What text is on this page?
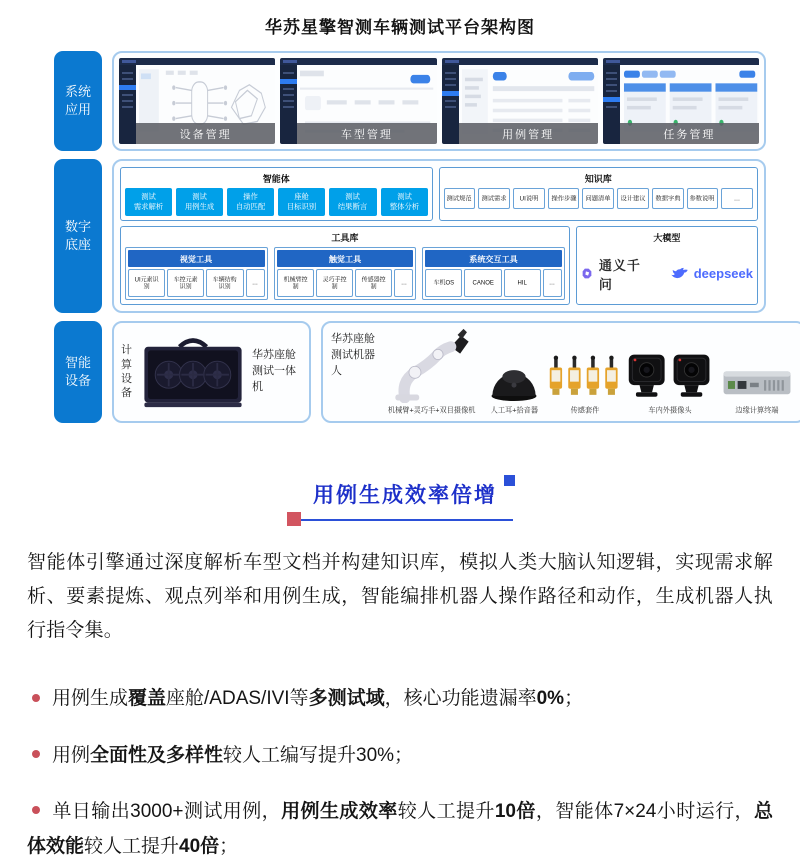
华苏星擎智测车辆测试平台架构图
系统应用
设备管理	车型管理	用例管理	任务管理
数字底座
智能体
测试
需求解析
测试
用例生成
操作
自动匹配
座舱
目标识别
测试
结果断言
测试
整体分析
知识库
测试规范 测试需求 UI说明 操作步骤 问题清单 设计建议 数据字典 参数说明 …
工具库
视觉工具
UI元素识别
车控元素识别
车辆结构识别
…
触觉工具
机械臂控制
灵巧手控制
传感器控制
…
系统交互工具
车机OS CANOE	HIL	…
大模型
通义千问
deepseek
智能设备
计算设备
华苏座舱测试一体机
华苏座舱测试机器人
机械臂+灵巧手+双目摄像机 人工耳+拾音器	传感套件	车内外摄像头	边缘计算终端
用例生成效率倍增

智能体引擎通过深度解析车型文档并构建知识库，模拟人类大脑认知逻辑，实现需求解析、要素提炼、观点列举和用例生成，智能编排机器人操作路径和动作，生成机器人执行指令集。

用例生成覆盖座舱/ADAS/IVI等多测试域，核心功能遗漏率0%；

用例全面性及多样性较人工编写提升30%；

单日输出3000+测试用例，用例生成效率较人工提升10倍，智能体7×24小时运行，总体效能较人工提升40倍；
